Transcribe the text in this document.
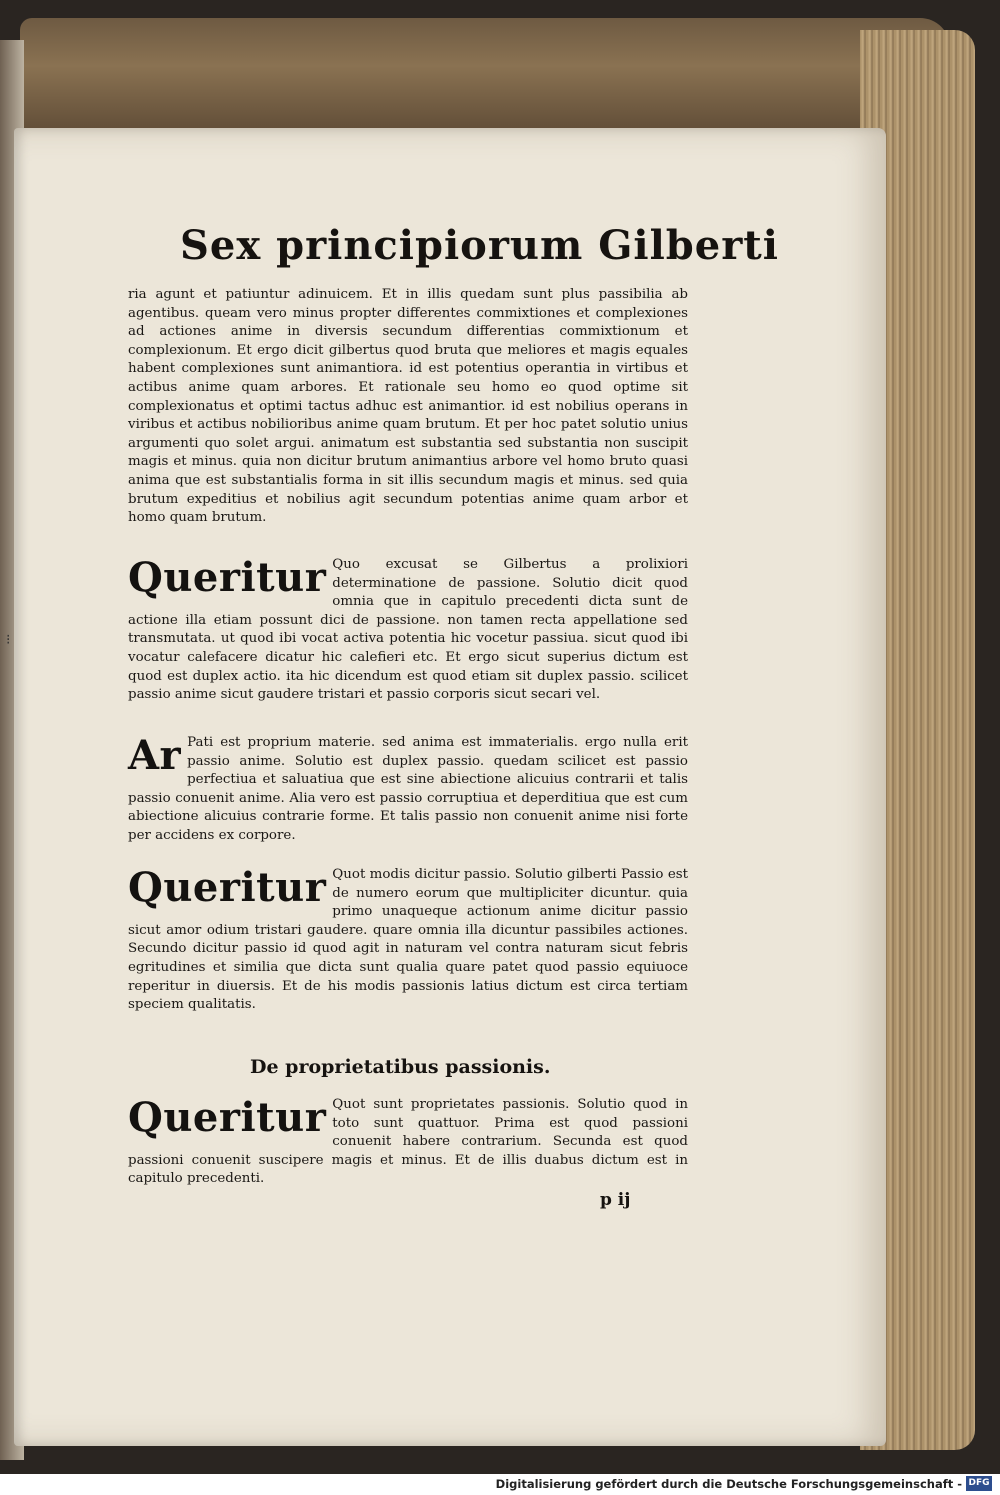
⁝
Sex principiorum Gilberti

ria agunt et patiuntur adinuicem. Et in illis quedam sunt plus passibilia ab agentibus. queam vero minus propter differentes commixtiones et complexiones ad actiones anime in diversis secundum differentias commixtionum et complexionum. Et ergo dicit gilbertus quod bruta que meliores et magis equales habent complexiones sunt animantiora. id est potentius operantia in virtibus et actibus anime quam arbores. Et rationale seu homo eo quod optime sit complexionatus et optimi tactus adhuc est animantior. id est nobilius operans in viribus et actibus nobilioribus anime quam brutum. Et per hoc patet solutio unius argumenti quo solet argui. animatum est substantia sed substantia non suscipit magis et minus. quia non dicitur brutum animantius arbore vel homo bruto quasi anima que est substantialis forma in sit illis secundum magis et minus. sed quia brutum expeditius et nobilius agit secundum potentias anime quam arbor et homo quam brutum.

Queritur Quo excusat se Gilbertus a prolixiori determinatione de passione. Solutio dicit quod omnia que in capitulo precedenti dicta sunt de actione illa etiam possunt dici de passione. non tamen recta appellatione sed transmutata. ut quod ibi vocat activa potentia hic vocetur passiua. sicut quod ibi vocatur calefacere dicatur hic calefieri etc. Et ergo sicut superius dictum est quod est duplex actio. ita hic dicendum est quod etiam sit duplex passio. scilicet passio anime sicut gaudere tristari et passio corporis sicut secari vel.

Ar Pati est proprium materie. sed anima est immaterialis. ergo nulla erit passio anime. Solutio est duplex passio. quedam scilicet est passio perfectiua et saluatiua que est sine abiectione alicuius contrarii et talis passio conuenit anime. Alia vero est passio corruptiua et deperditiua que est cum abiectione alicuius contrarie forme. Et talis passio non conuenit anime nisi forte per accidens ex corpore.

Queritur Quot modis dicitur passio. Solutio gilberti Passio est de numero eorum que multipliciter dicuntur. quia primo unaqueque actionum anime dicitur passio sicut amor odium tristari gaudere. quare omnia illa dicuntur passibiles actiones. Secundo dicitur passio id quod agit in naturam vel contra naturam sicut febris egritudines et similia que dicta sunt qualia quare patet quod passio equiuoce reperitur in diuersis. Et de his modis passionis latius dictum est circa tertiam speciem qualitatis.

De proprietatibus passionis.

Queritur Quot sunt proprietates passionis. Solutio quod in toto sunt quattuor. Prima est quod passioni conuenit habere contrarium. Secunda est quod passioni conuenit suscipere magis et minus. Et de illis duabus dictum est in capitulo precedenti.

p ij
Digitalisierung gefördert durch die Deutsche Forschungsgemeinschaft - DFG
